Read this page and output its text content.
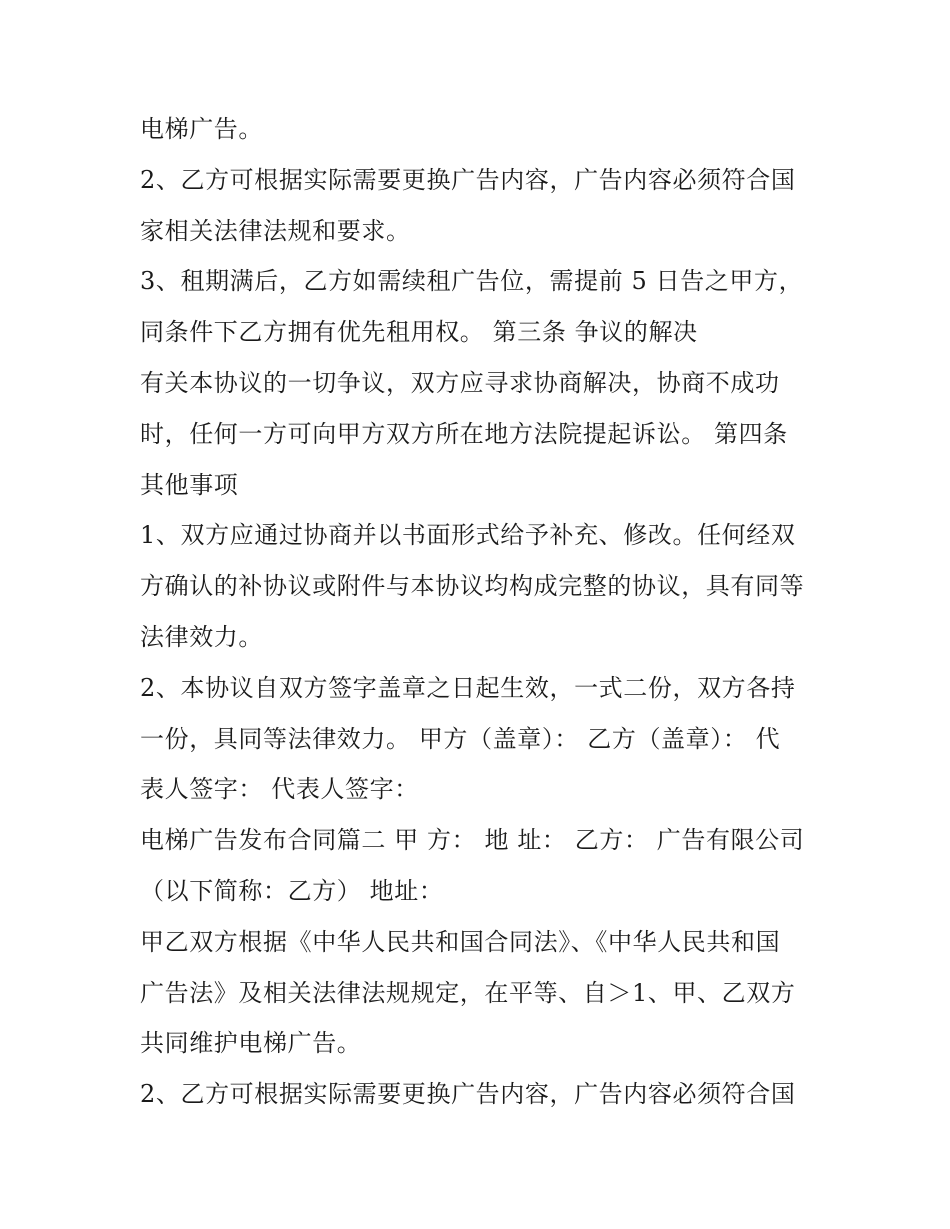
电梯广告。
2、乙方可根据实际需要更换广告内容，广告内容必须符合国
家相关法律法规和要求。
3、租期满后，乙方如需续租广告位，需提前 5 日告之甲方，
同条件下乙方拥有优先租用权。 第三条 争议的解决
有关本协议的一切争议，双方应寻求协商解决，协商不成功
时，任何一方可向甲方双方所在地方法院提起诉讼。 第四条
其他事项
1、双方应通过协商并以书面形式给予补充、修改。任何经双
方确认的补协议或附件与本协议均构成完整的协议，具有同等
法律效力。
2、本协议自双方签字盖章之日起生效，一式二份，双方各持
一份，具同等法律效力。 甲方（盖章）： 乙方（盖章）： 代
表人签字： 代表人签字：
电梯广告发布合同篇二 甲 方： 地 址： 乙方： 广告有限公司
（以下简称：乙方） 地址：
甲乙双方根据《中华人民共和国合同法》、《中华人民共和国
广告法》及相关法律法规规定，在平等、自＞1、甲、乙双方
共同维护电梯广告。
2、乙方可根据实际需要更换广告内容，广告内容必须符合国
